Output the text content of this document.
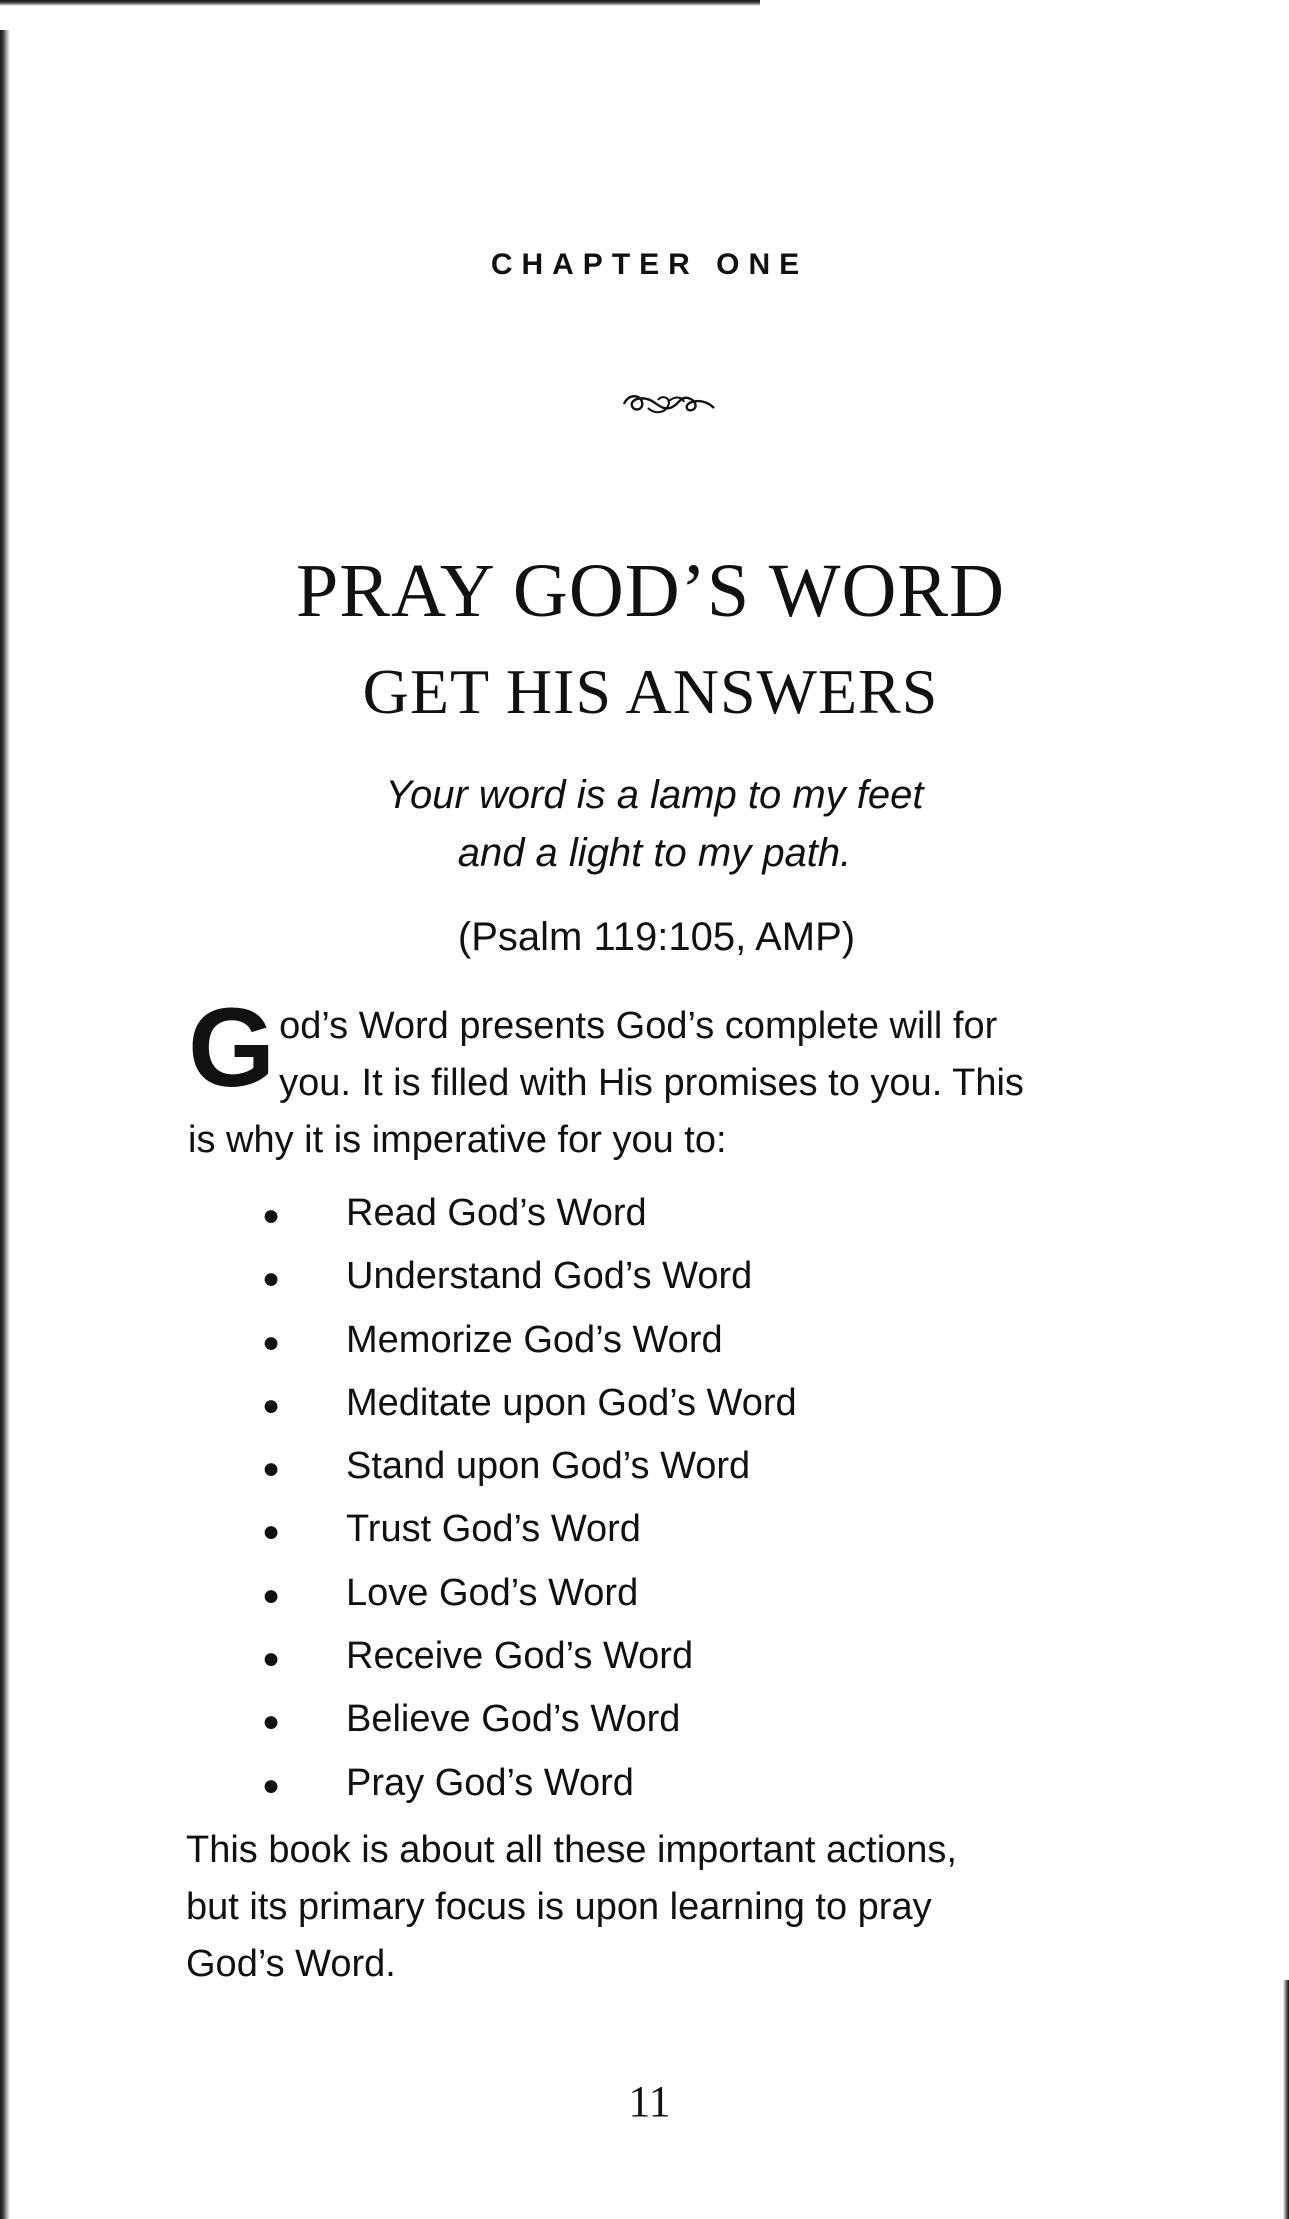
CHAPTER ONE
PRAY GOD’S WORD
GET HIS ANSWERS
Your word is a lamp to my feet
and a light to my path.
(Psalm 119:105, AMP)
G od’s Word presents God’s complete will for
you. It is filled with His promises to you. This
is why it is imperative for you to:
This book is about all these important actions,
but its primary focus is upon learning to pray
God’s Word.
● Read God’s Word
● Understand God’s Word
● Memorize God’s Word
● Meditate upon God’s Word
● Stand upon God’s Word
● Trust God’s Word
● Love God’s Word
● Receive God’s Word
● Believe God’s Word
● Pray God’s Word
11
